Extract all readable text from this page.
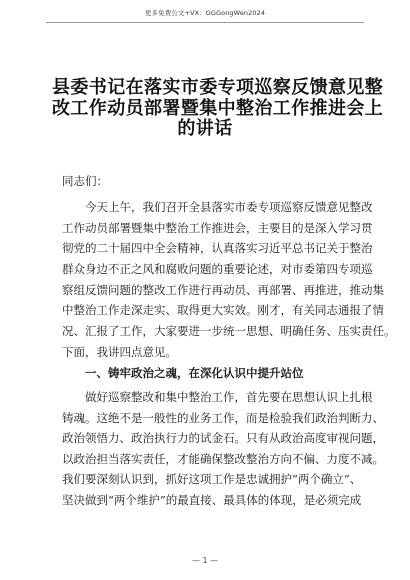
更多免费公文+VX：GGGongWen2024
县委书记在落实市委专项巡察反馈意见整
改工作动员部署暨集中整治工作推进会上
的讲话
同志们：
今天上午，我们召开全县落实市委专项巡察反馈意见整改
工作动员部署暨集中整治工作推进会，主要目的是深入学习贯
彻党的二十届四中全会精神，认真落实习近平总书记关于整治
群众身边不正之风和腐败问题的重要论述，对市委第四专项巡
察组反馈问题的整改工作进行再动员、再部署、再推进，推动集
中整治工作走深走实、取得更大实效。刚才，有关同志通报了情
况、汇报了工作，大家要进一步统一思想、明确任务、压实责任。
下面，我讲四点意见。
一、铸牢政治之魂，在深化认识中提升站位
做好巡察整改和集中整治工作，首先要在思想认识上扎根
铸魂。这绝不是一般性的业务工作，而是检验我们政治判断力、
政治领悟力、政治执行力的试金石。只有从政治高度审视问题，
以政治担当落实责任，才能确保整改整治方向不偏、力度不减。
我们要深刻认识到，抓好这项工作是忠诚拥护“两个确立”、
坚决做到“两个维护”的最直接、最具体的体现，是必须完成
— 1 —
